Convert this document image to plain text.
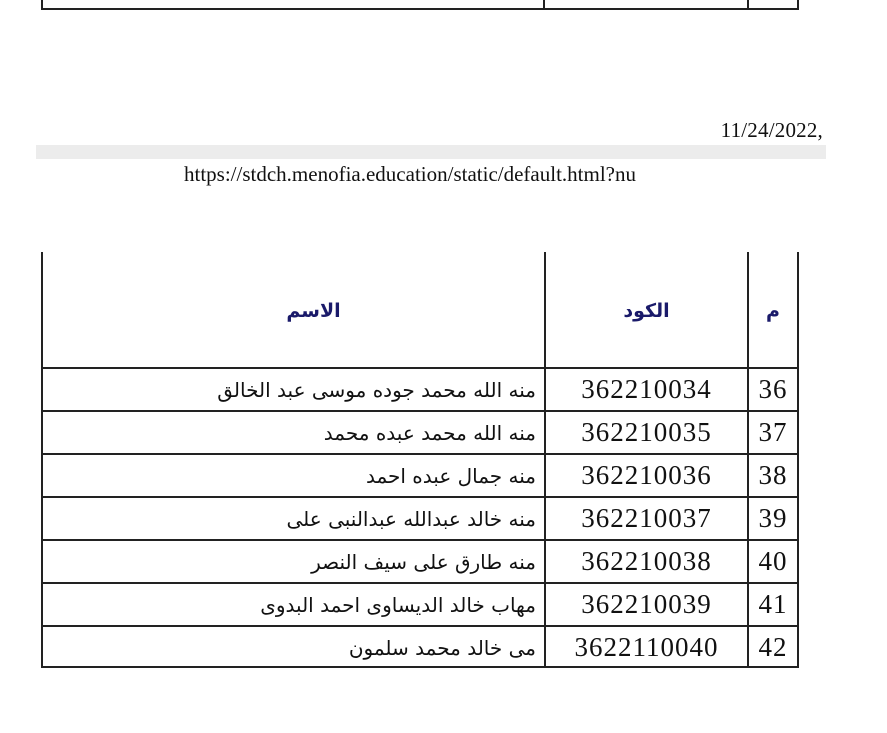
11/24/2022,
https://stdch.menofia.education/static/default.html?nu
م
الكود
الاسم
36
362210034
منه الله محمد جوده موسى عبد الخالق
37
362210035
منه الله محمد عبده محمد
38
362210036
منه جمال عبده احمد
39
362210037
منه خالد عبدالله عبدالنبى على
40
362210038
منه طارق على سيف النصر
41
362210039
مهاب خالد الديساوى احمد البدوى
42
3622110040
مى خالد محمد سلمون
